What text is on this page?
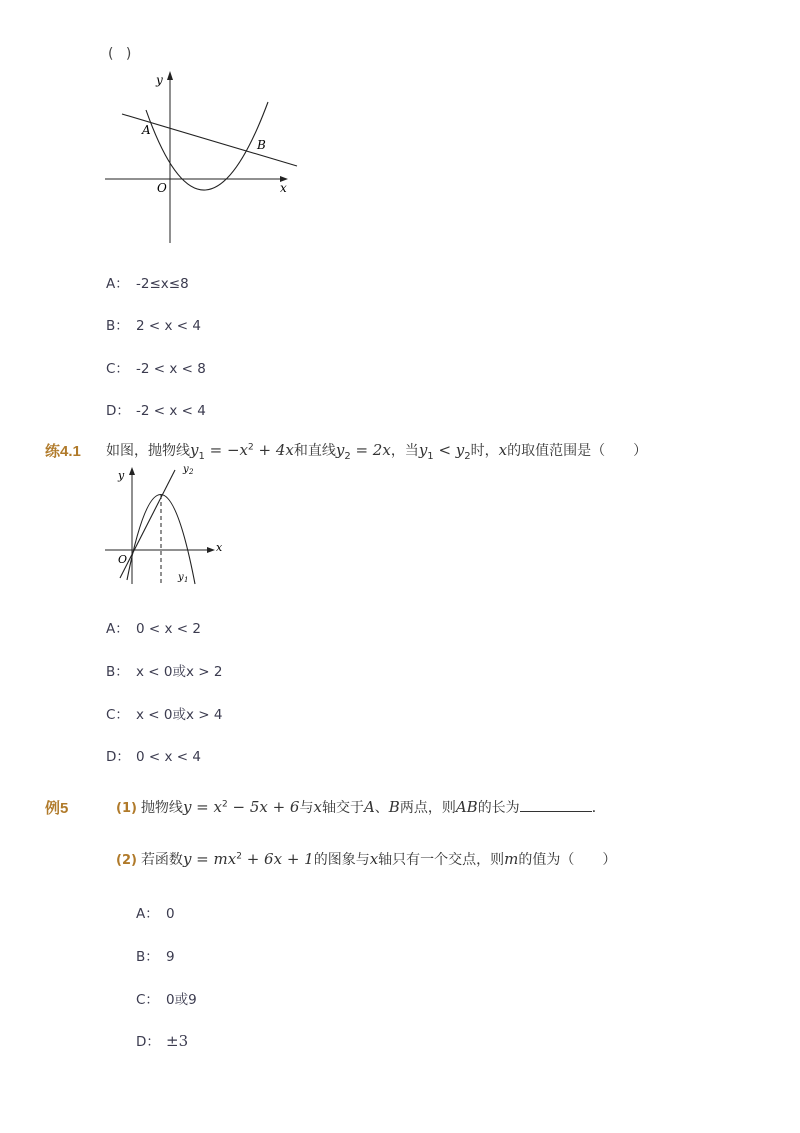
( )
y
x
O
A
B
A： -2≤x≤8
B： 2 < x < 4
C： -2 < x < 8
D： -2 < x < 4
练4.1 如图，抛物线$y_1 = -x^2 + 4x$和直线$y_2 = 2x$，当$y_1 < y_2$时，x的取值范围是（　　）
y
x
O
y 2
y 1
A： 0 < x < 2
B： x < 0或x > 2
C： x < 0或x > 4
D： 0 < x < 4
例5	(1) 抛物线$y = x^2 - 5x + 6$与x轴交于A、B两点，则AB的长为	．
(2) 若函数$y = mx^2 + 6x + 1$的图象与x轴只有一个交点，则m的值为（　　）
A： 0
B： 9
C： 0或9
D： ±3
